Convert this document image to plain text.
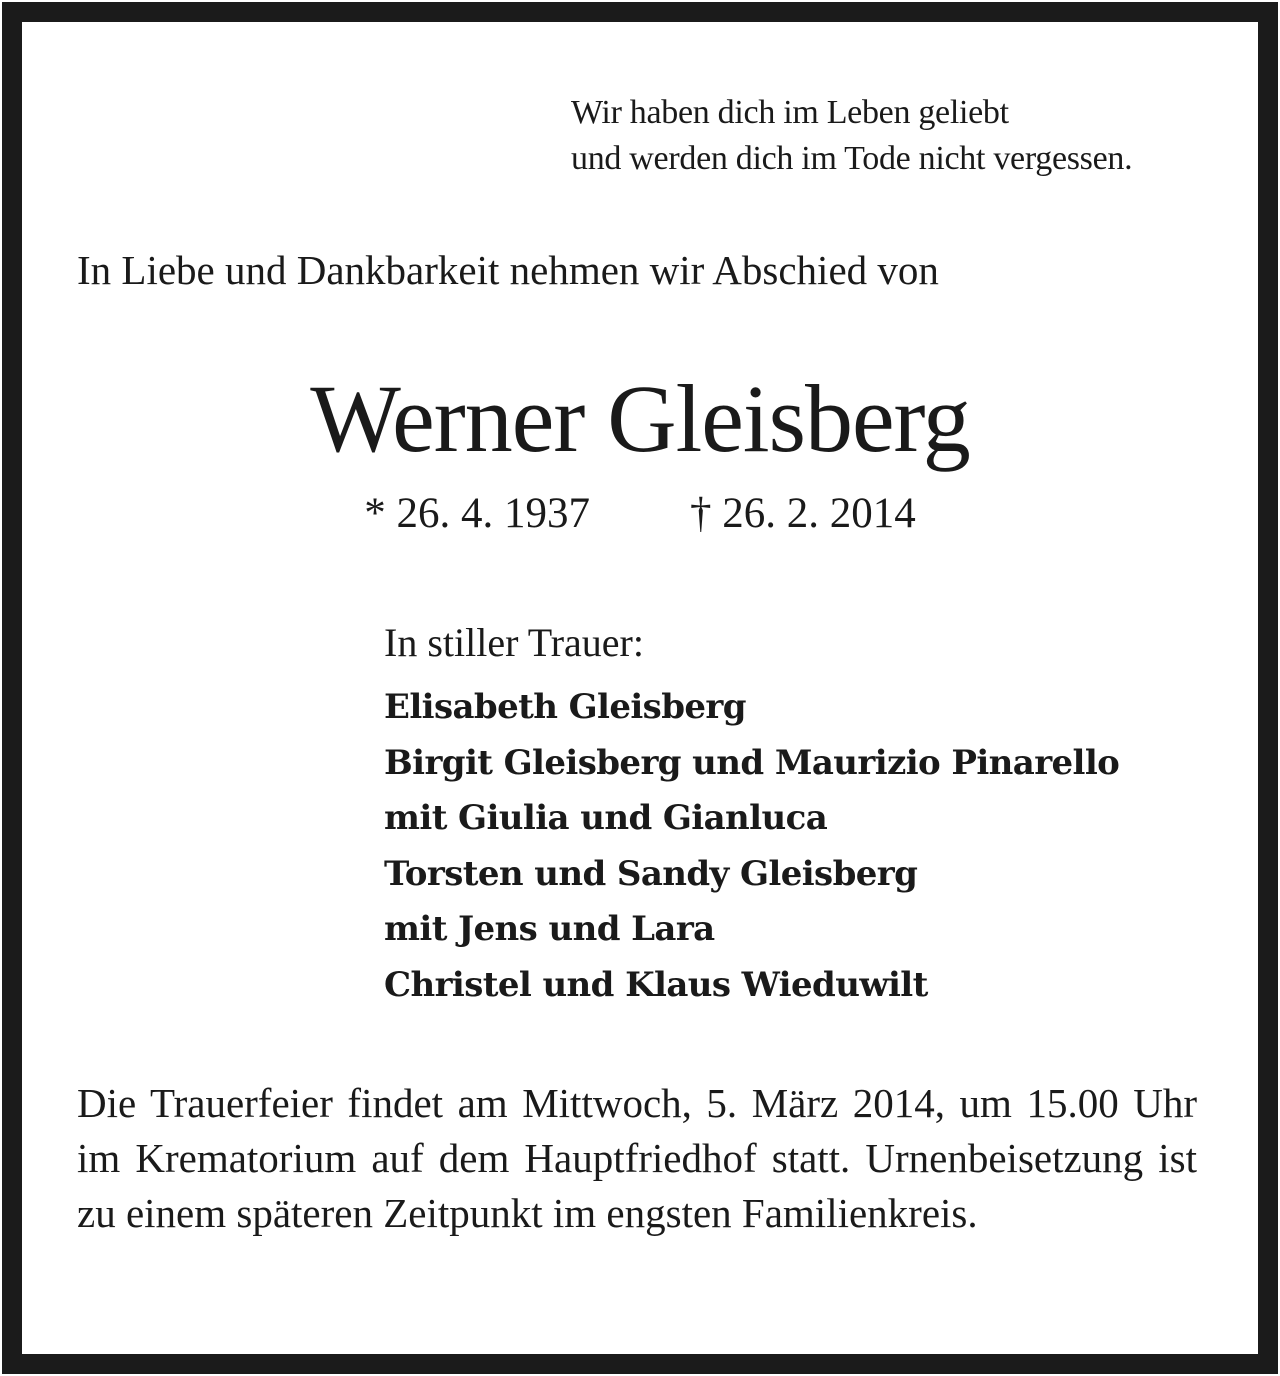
Wir haben dich im Leben geliebt
und werden dich im Tode nicht vergessen.
In Liebe und Dankbarkeit nehmen wir Abschied von
Werner Gleisberg
* 26. 4. 1937 † 26. 2. 2014
In stiller Trauer:
Elisabeth Gleisberg
Birgit Gleisberg und Maurizio Pinarello
mit Giulia und Gianluca
Torsten und Sandy Gleisberg
mit Jens und Lara
Christel und Klaus Wieduwilt
Die Trauerfeier findet am Mittwoch, 5. März 2014, um 15.00 Uhr im Krematorium auf dem Hauptfriedhof statt. Urnenbeisetzung ist zu einem späteren Zeitpunkt im engsten Familienkreis.
